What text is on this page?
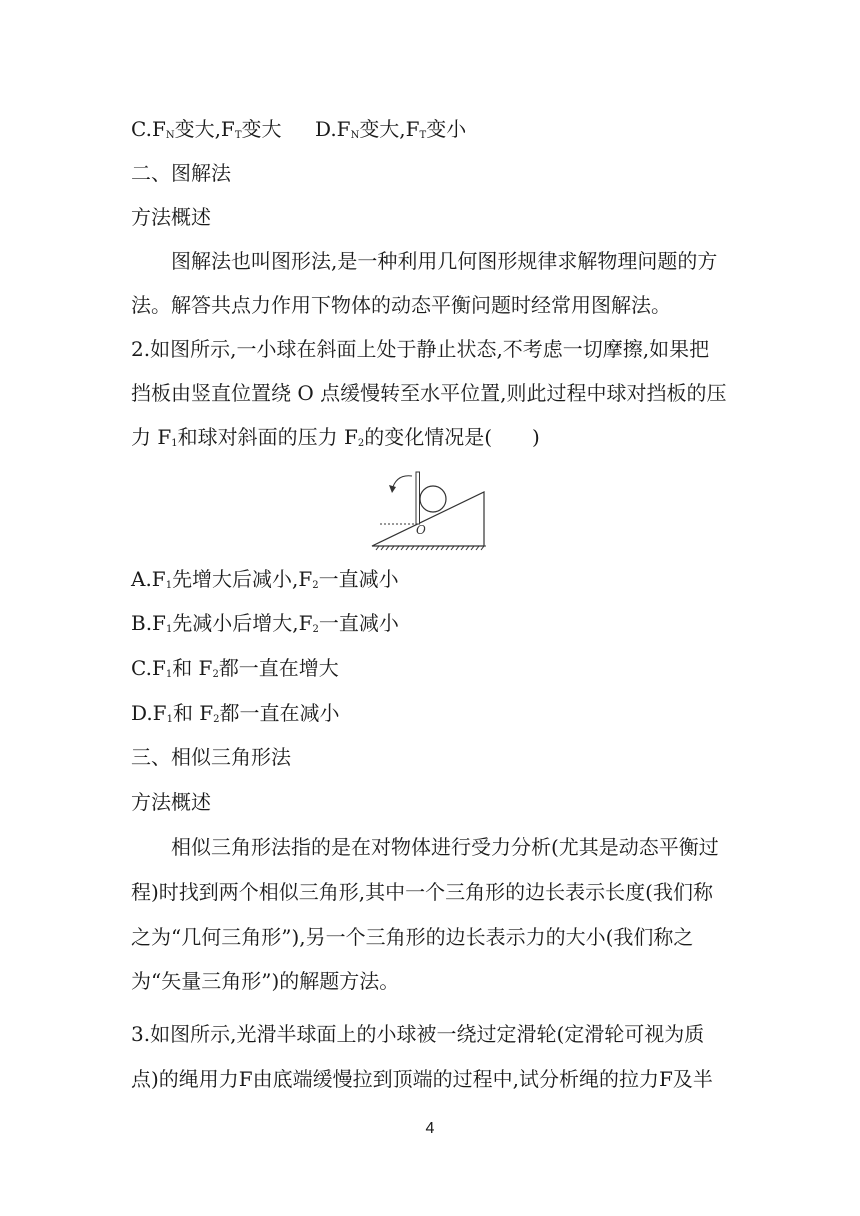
$C.F_N$变大$,F_T$变大 $D.F_N$变大$,F_T$变小
二、图解法
方法概述
图解法也叫图形法,是一种利用几何图形规律求解物理问题的方
法。解答共点力作用下物体的动态平衡问题时经常用图解法。
2.如图所示,一小球在斜面上处于静止状态,不考虑一切摩擦,如果把
挡板由竖直位置绕 O 点缓慢转至水平位置,则此过程中球对挡板的压
力 $F_1$和球对斜面的压力 $F_2$的变化情况是(　　)
O
$A.F_1$先增大后减小$,F_2$一直减小
$B.F_1$先减小后增大$,F_2$一直减小
$C.F_1$和 $F_2$都一直在增大
$D.F_1$和 $F_2$都一直在减小
三、相似三角形法
方法概述
相似三角形法指的是在对物体进行受力分析(尤其是动态平衡过
程)时找到两个相似三角形,其中一个三角形的边长表示长度(我们称
之为“几何三角形”),另一个三角形的边长表示力的大小(我们称之
为“矢量三角形”)的解题方法。
3.如图所示,光滑半球面上的小球被一绕过定滑轮(定滑轮可视为质
点)的绳用力F由底端缓慢拉到顶端的过程中,试分析绳的拉力F及半
4
